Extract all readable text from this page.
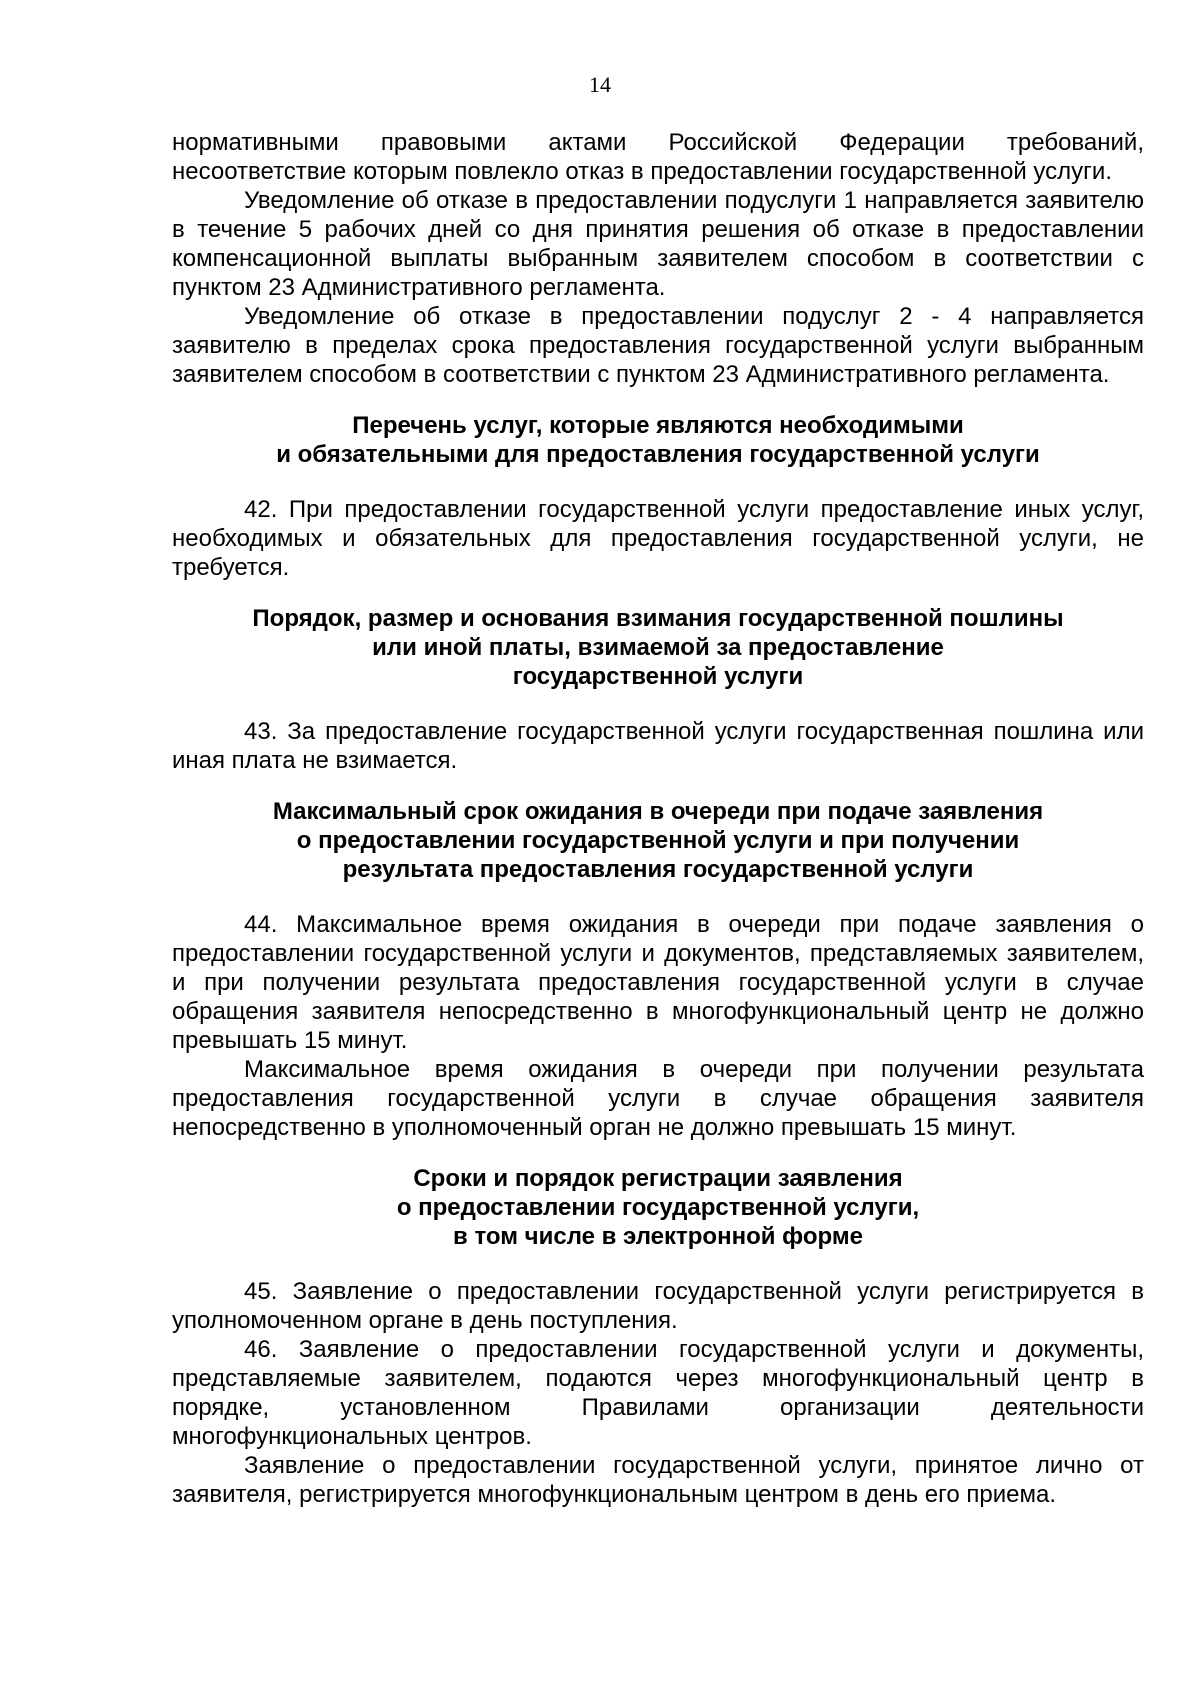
14

нормативными правовыми актами Российской Федерации требований, несоответствие которым повлекло отказ в предоставлении государственной услуги.

Уведомление об отказе в предоставлении подуслуги 1 направляется заявителю в течение 5 рабочих дней со дня принятия решения об отказе в предоставлении компенсационной выплаты выбранным заявителем способом в соответствии с пунктом 23 Административного регламента.

Уведомление об отказе в предоставлении подуслуг 2 - 4 направляется заявителю в пределах срока предоставления государственной услуги выбранным заявителем способом в соответствии с пунктом 23 Административного регламента.

Перечень услуг, которые являются необходимыми
и обязательными для предоставления государственной услуги

42. При предоставлении государственной услуги предоставление иных услуг, необходимых и обязательных для предоставления государственной услуги, не требуется.

Порядок, размер и основания взимания государственной пошлины
или иной платы, взимаемой за предоставление
государственной услуги

43. За предоставление государственной услуги государственная пошлина или иная плата не взимается.

Максимальный срок ожидания в очереди при подаче заявления
о предоставлении государственной услуги и при получении
результата предоставления государственной услуги

44. Максимальное время ожидания в очереди при подаче заявления о предоставлении государственной услуги и документов, представляемых заявителем, и при получении результата предоставления государственной услуги в случае обращения заявителя непосредственно в многофункциональный центр не должно превышать 15 минут.

Максимальное время ожидания в очереди при получении результата предоставления государственной услуги в случае обращения заявителя непосредственно в уполномоченный орган не должно превышать 15 минут.

Сроки и порядок регистрации заявления
о предоставлении государственной услуги,
в том числе в электронной форме

45. Заявление о предоставлении государственной услуги регистрируется в уполномоченном органе в день поступления.

46. Заявление о предоставлении государственной услуги и документы, представляемые заявителем, подаются через многофункциональный центр в порядке, установленном Правилами организации деятельности многофункциональных центров.

Заявление о предоставлении государственной услуги, принятое лично от заявителя, регистрируется многофункциональным центром в день его приема.
